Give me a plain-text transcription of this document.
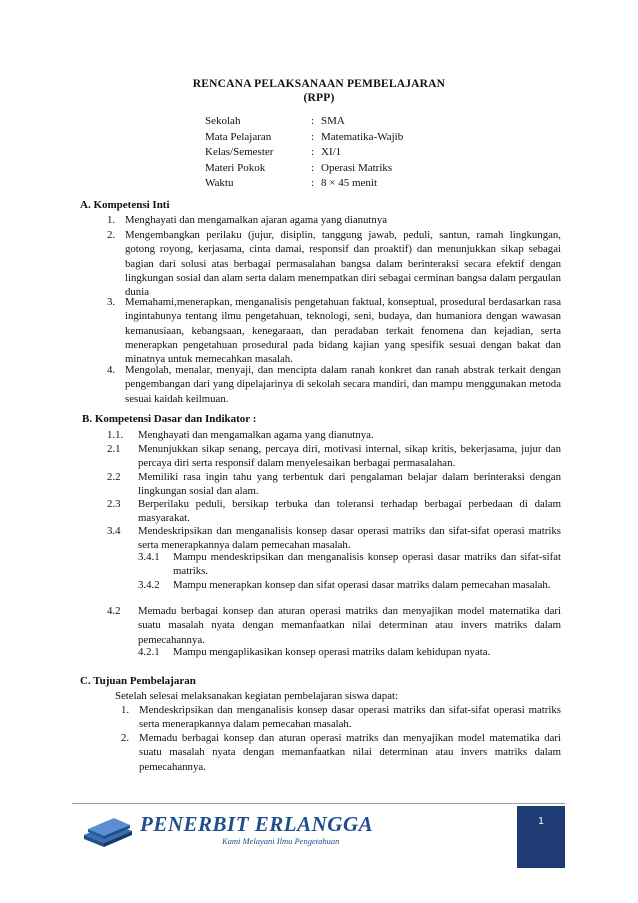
RENCANA PELAKSANAAN PEMBELAJARAN
(RPP)
Sekolah	: SMA
Mata Pelajaran	: Matematika-Wajib
Kelas/Semester	: XI/1
Materi Pokok	: Operasi Matriks
Waktu	: 8 × 45 menit
A. Kompetensi Inti
1. Menghayati dan mengamalkan ajaran agama yang dianutnya
2. Mengembangkan perilaku (jujur, disiplin, tanggung jawab, peduli, santun, ramah lingkungan, gotong royong, kerjasama, cinta damai, responsif dan proaktif) dan menunjukkan sikap sebagai bagian dari solusi atas berbagai permasalahan bangsa dalam berinteraksi secara efektif dengan lingkungan sosial dan alam serta dalam menempatkan diri sebagai cerminan bangsa dalam pergaulan dunia
3. Memahami,menerapkan, menganalisis pengetahuan faktual, konseptual, prosedural berdasarkan rasa ingintahunya tentang ilmu pengetahuan, teknologi, seni, budaya, dan humaniora dengan wawasan kemanusiaan, kebangsaan, kenegaraan, dan peradaban terkait fenomena dan kejadian, serta menerapkan pengetahuan prosedural pada bidang kajian yang spesifik sesuai dengan bakat dan minatnya untuk memecahkan masalah.
4. Mengolah, menalar, menyaji, dan mencipta dalam ranah konkret dan ranah abstrak terkait dengan pengembangan dari yang dipelajarinya di sekolah secara mandiri, dan mampu menggunakan metoda sesuai kaidah keilmuan.
B. Kompetensi Dasar dan Indikator :
1.1. Menghayati dan mengamalkan agama yang dianutnya.
2.1 Menunjukkan sikap senang, percaya diri, motivasi internal, sikap kritis, bekerjasama, jujur dan percaya diri serta responsif dalam menyelesaikan berbagai permasalahan.
2.2 Memiliki rasa ingin tahu yang terbentuk dari pengalaman belajar dalam berinteraksi dengan lingkungan sosial dan alam.
2.3 Berperilaku peduli, bersikap terbuka dan toleransi terhadap berbagai perbedaan di dalam masyarakat.
3.4 Mendeskripsikan dan menganalisis konsep dasar operasi matriks dan sifat-sifat operasi matriks serta menerapkannya dalam pemecahan masalah.
3.4.1 Mampu mendeskripsikan dan menganalisis konsep operasi dasar matriks dan sifat-sifat matriks.
3.4.2 Mampu menerapkan konsep dan sifat operasi dasar matriks dalam pemecahan masalah.
4.2 Memadu berbagai konsep dan aturan operasi matriks dan menyajikan model matematika dari suatu masalah nyata dengan memanfaatkan nilai determinan atau invers matriks dalam pemecahannya.
4.2.1 Mampu mengaplikasikan konsep operasi matriks dalam kehidupan nyata.
C. Tujuan Pembelajaran
Setelah selesai melaksanakan kegiatan pembelajaran siswa dapat:
1. Mendeskripsikan dan menganalisis konsep dasar operasi matriks dan sifat-sifat operasi matriks serta menerapkannya dalam pemecahan masalah.
2. Memadu berbagai konsep dan aturan operasi matriks dan menyajikan model matematika dari suatu masalah nyata dengan memanfaatkan nilai determinan atau invers matriks dalam pemecahannya.
PENERBIT ERLANGGA
Kami Melayani Ilmu Pengetahuan
1
